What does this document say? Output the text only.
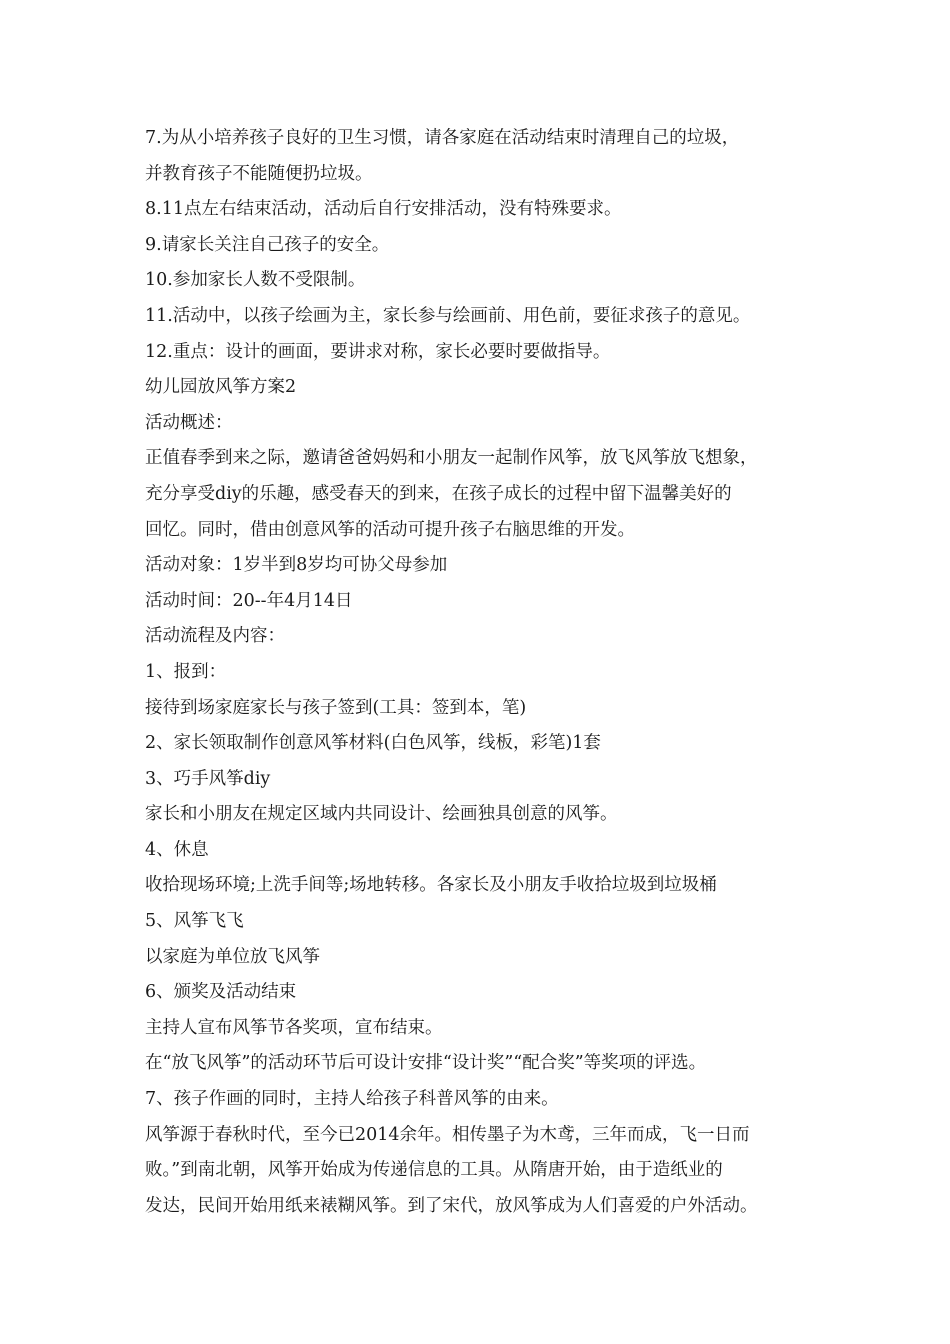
7.为从小培养孩子良好的卫生习惯，请各家庭在活动结束时清理自己的垃圾，
并教育孩子不能随便扔垃圾。
8.11点左右结束活动，活动后自行安排活动，没有特殊要求。
9.请家长关注自己孩子的安全。
10.参加家长人数不受限制。
11.活动中，以孩子绘画为主，家长参与绘画前、用色前，要征求孩子的意见。
12.重点：设计的画面，要讲求对称，家长必要时要做指导。
幼儿园放风筝方案2
活动概述：
正值春季到来之际，邀请爸爸妈妈和小朋友一起制作风筝，放飞风筝放飞想象，
充分享受diy的乐趣，感受春天的到来，在孩子成长的过程中留下温馨美好的
回忆。同时，借由创意风筝的活动可提升孩子右脑思维的开发。
活动对象：1岁半到8岁均可协父母参加
活动时间：20--年4月14日
活动流程及内容：
1、报到：
接待到场家庭家长与孩子签到(工具：签到本，笔)
2、家长领取制作创意风筝材料(白色风筝，线板，彩笔)1套
3、巧手风筝diy
家长和小朋友在规定区域内共同设计、绘画独具创意的风筝。
4、休息
收拾现场环境;上洗手间等;场地转移。各家长及小朋友手收拾垃圾到垃圾桶
5、风筝飞飞
以家庭为单位放飞风筝
6、颁奖及活动结束
主持人宣布风筝节各奖项，宣布结束。
在“放飞风筝”的活动环节后可设计安排“设计奖”“配合奖”等奖项的评选。
7、孩子作画的同时，主持人给孩子科普风筝的由来。
风筝源于春秋时代，至今已2014余年。相传墨子为木鸢，三年而成，飞一日而
败。”到南北朝，风筝开始成为传递信息的工具。从隋唐开始，由于造纸业的
发达，民间开始用纸来裱糊风筝。到了宋代，放风筝成为人们喜爱的户外活动。
